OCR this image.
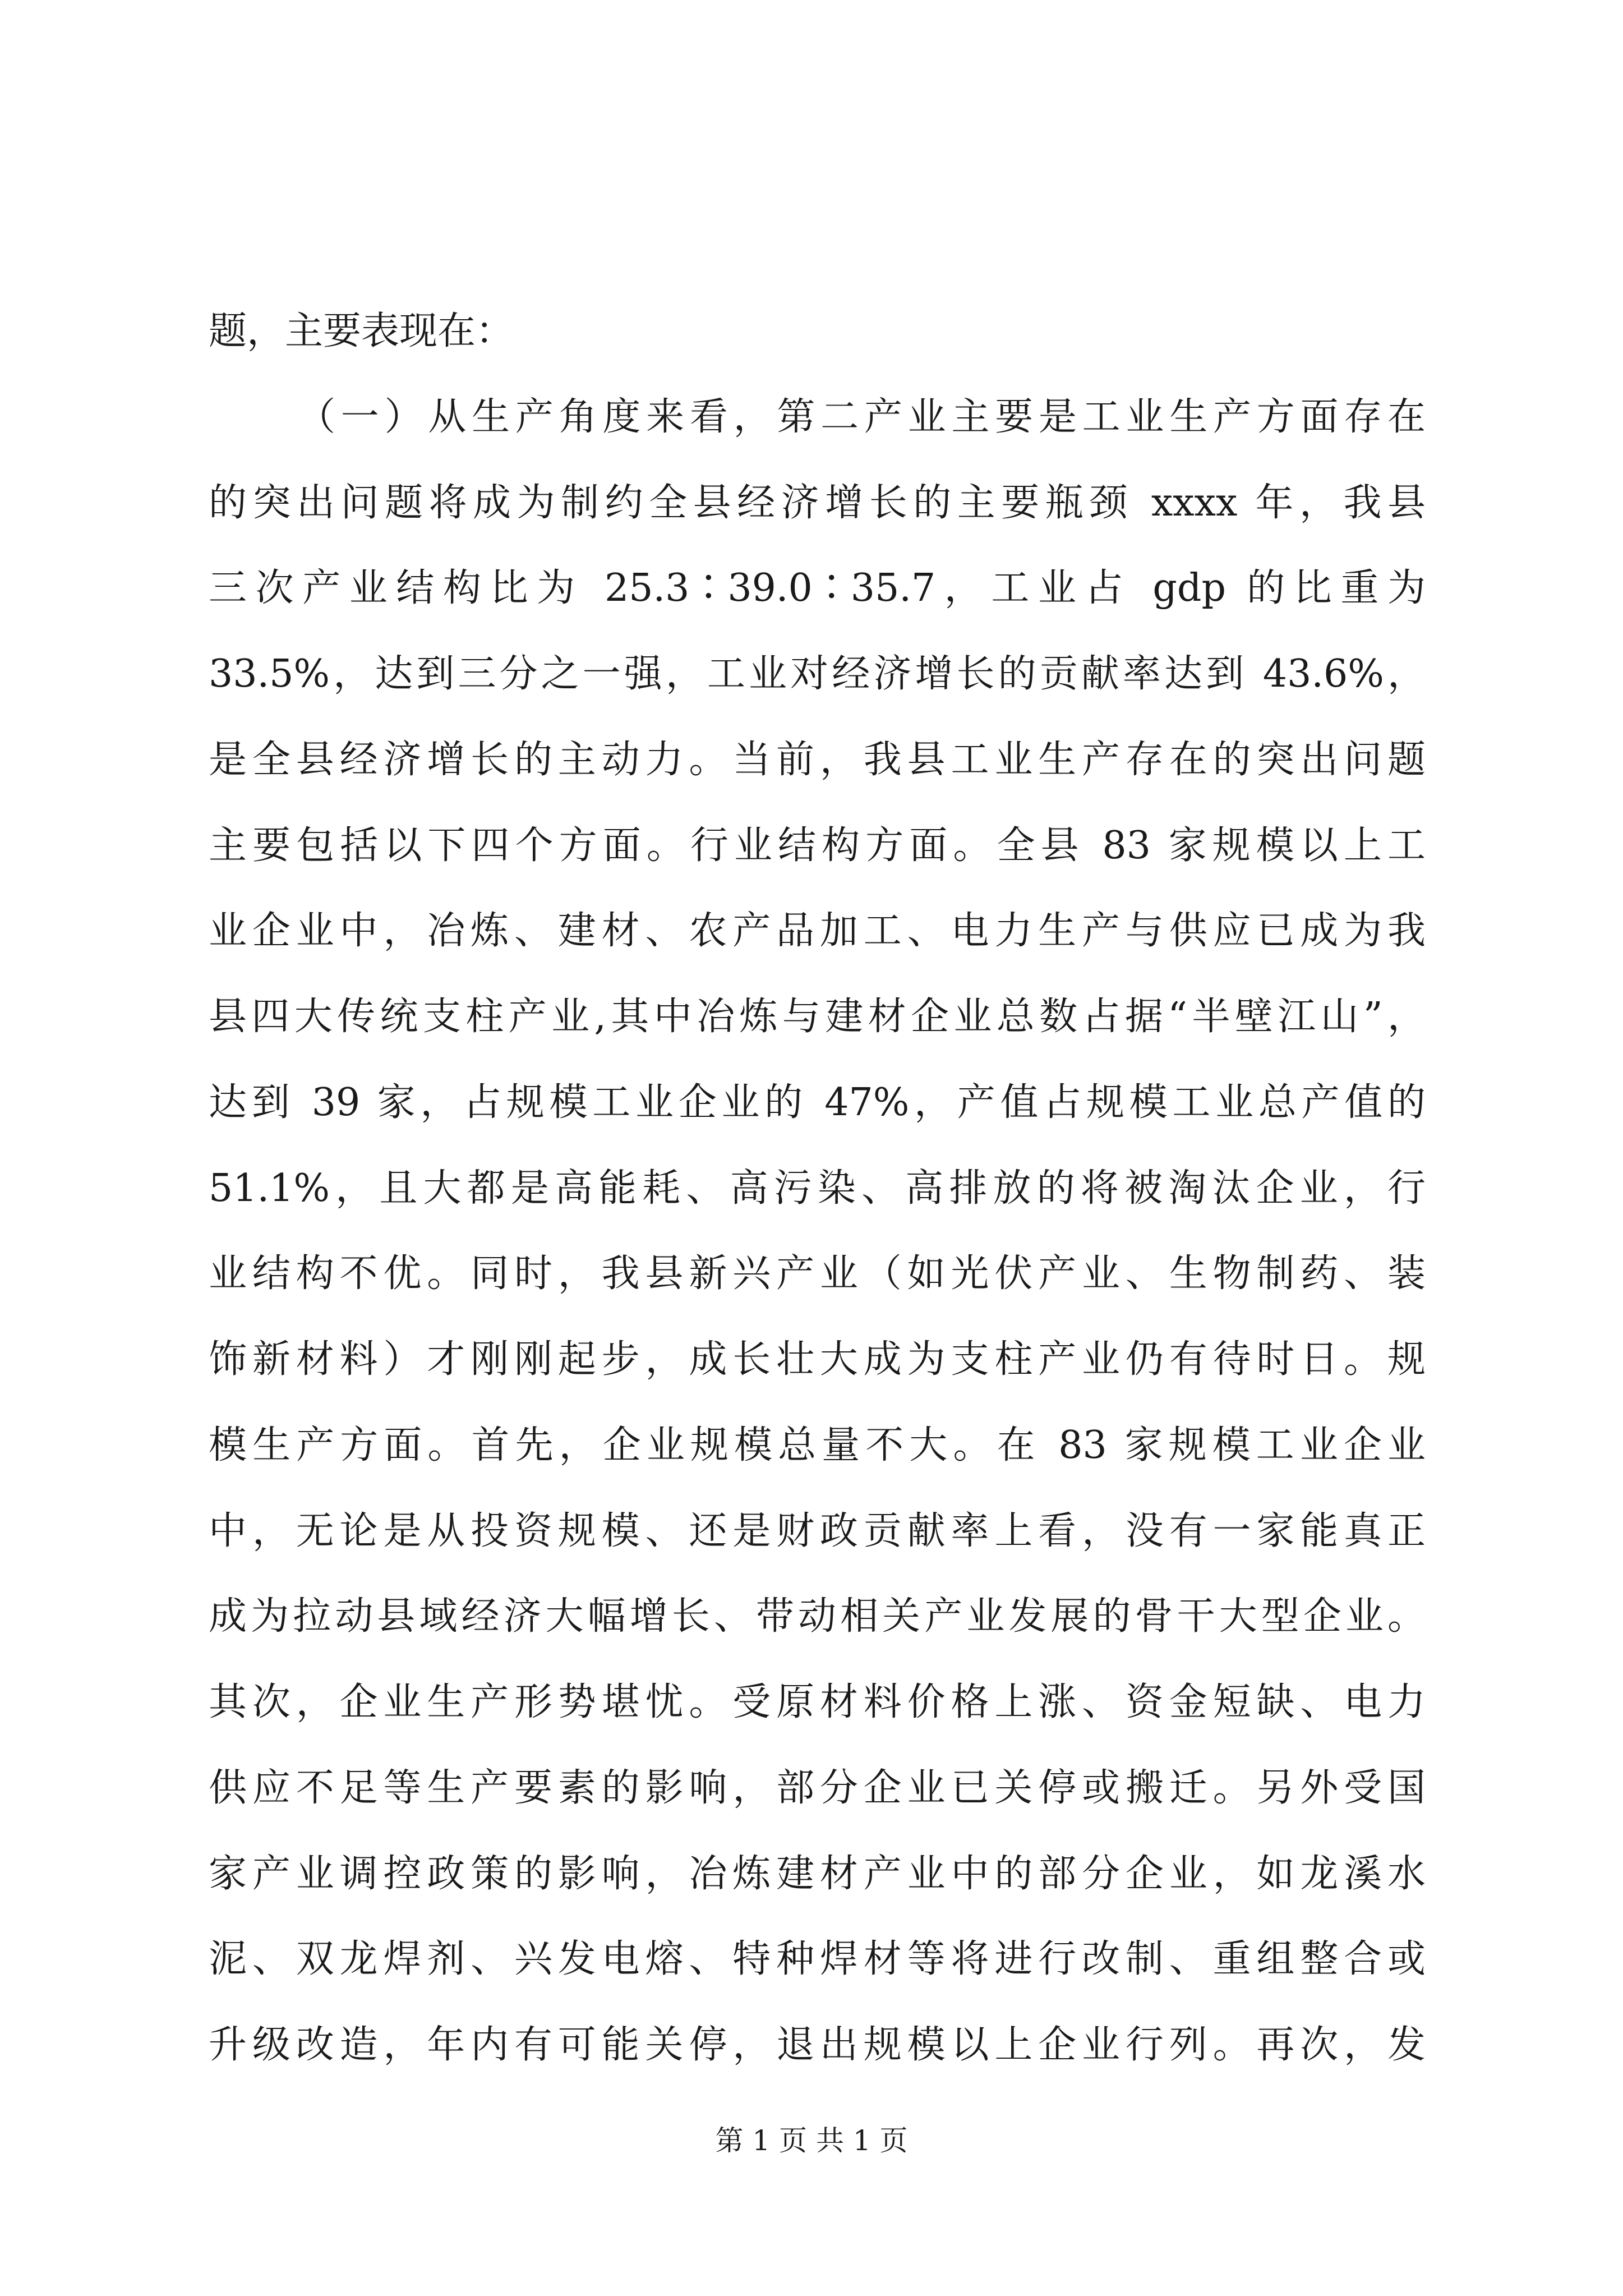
题，主要表现在：
（一）从生产角度来看，第二产业主要是工业生产方面存在
的突出问题将成为制约全县经济增长的主要瓶颈 xxxx 年，我县
三次产业结构比为 25.3∶39.0∶35.7，工业占 gdp 的比重为
33.5%，达到三分之一强，工业对经济增长的贡献率达到 43.6%，
是全县经济增长的主动力。当前，我县工业生产存在的突出问题
主要包括以下四个方面。行业结构方面。全县 83 家规模以上工
业企业中，冶炼、建材、农产品加工、电力生产与供应已成为我
县四大传统支柱产业,其中冶炼与建材企业总数占据“半壁江山”，
达到 39 家，占规模工业企业的 47%，产值占规模工业总产值的
51.1%，且大都是高能耗、高污染、高排放的将被淘汰企业，行
业结构不优。同时，我县新兴产业（如光伏产业、生物制药、装
饰新材料）才刚刚起步，成长壮大成为支柱产业仍有待时日。规
模生产方面。首先，企业规模总量不大。在 83 家规模工业企业
中，无论是从投资规模、还是财政贡献率上看，没有一家能真正
成为拉动县域经济大幅增长、带动相关产业发展的骨干大型企业。
其次，企业生产形势堪忧。受原材料价格上涨、资金短缺、电力
供应不足等生产要素的影响，部分企业已关停或搬迁。另外受国
家产业调控政策的影响，冶炼建材产业中的部分企业，如龙溪水
泥、双龙焊剂、兴发电熔、特种焊材等将进行改制、重组整合或
升级改造，年内有可能关停，退出规模以上企业行列。再次，发
第 1 页 共 1 页
